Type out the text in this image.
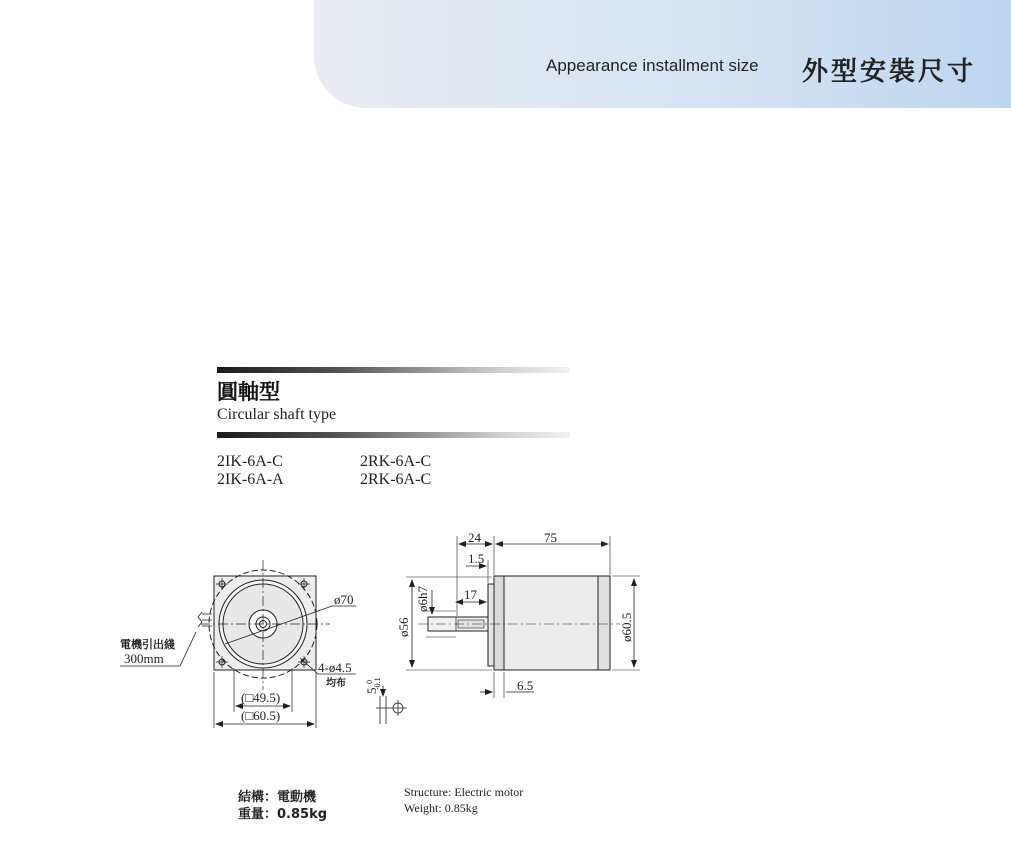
Appearance installment size 外型安裝尺寸
圓軸型
Circular shaft type
2IK-6A-C
2IK-6A-A
2RK-6A-C
2RK-6A-C
電機引出綫
300mm
ø70
4-ø4.5
均布
(□49.5)
(□60.5)
5
0 -0.1
24	75
1.5
17
ø6h7
ø56	ø60.5
6.5
結構：電動機
重量：0.85kg
Structure: Electric motor
Weight: 0.85kg
